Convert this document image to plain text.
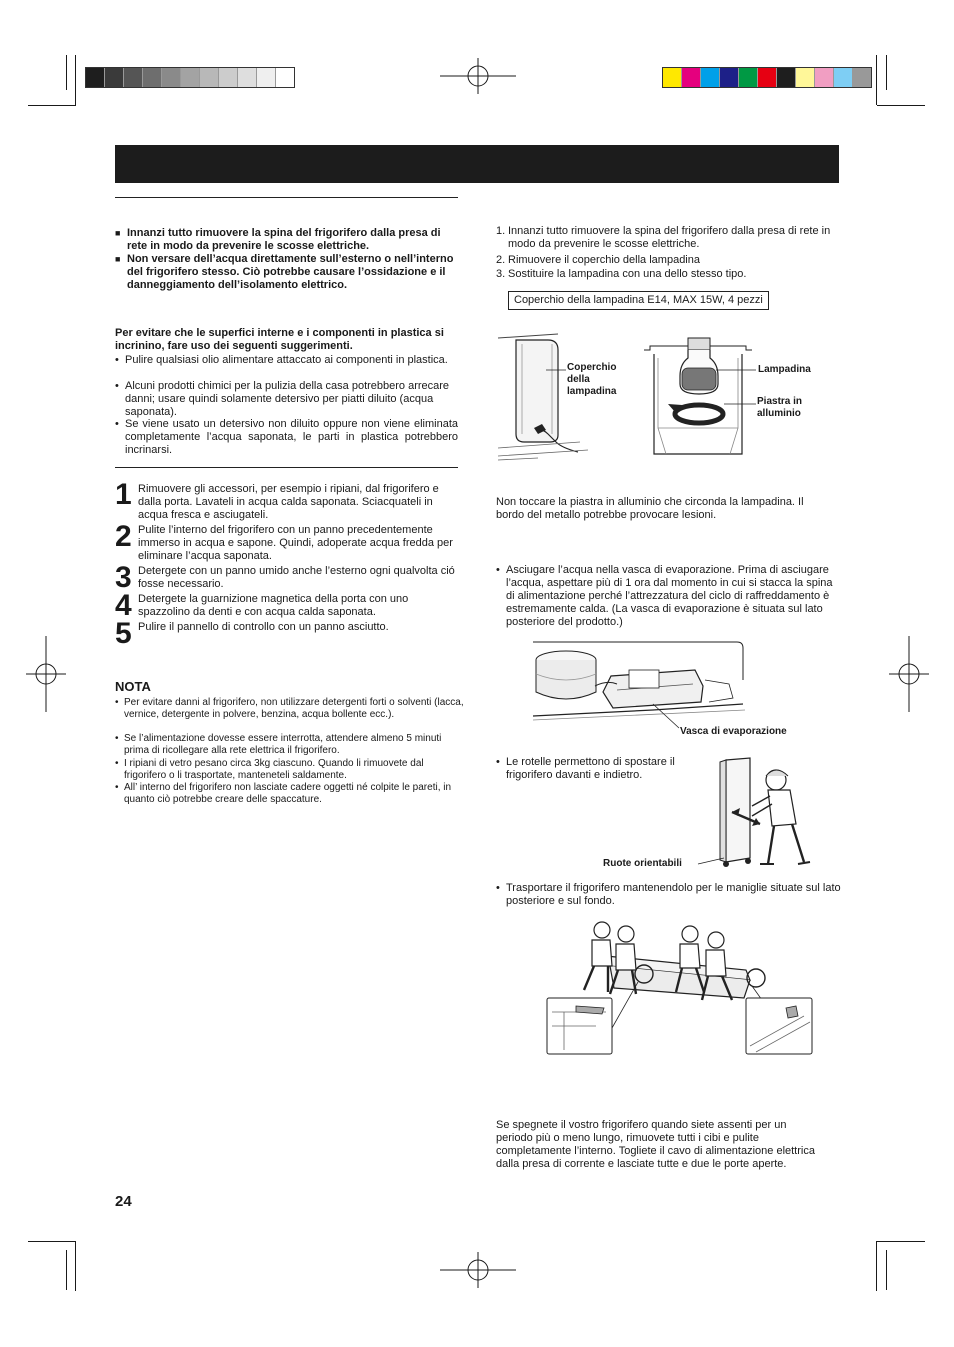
■ Innanzi tutto rimuovere la spina del frigorifero dalla presa di rete in modo da prevenire le scosse elettriche.
■ Non versare dell’acqua direttamente sull’esterno o nell’interno del frigorifero stesso. Ciò potrebbe causare l’ossidazione e il danneggiamento dell’isolamento elettrico.
Per evitare che le superfici interne e i componenti in plastica si incrinino, fare uso dei seguenti suggerimenti.
• Pulire qualsiasi olio alimentare attaccato ai componenti in plastica.
• Alcuni prodotti chimici per la pulizia della casa potrebbero arrecare danni; usare quindi solamente detersivo per piatti diluito (acqua saponata).
• Se viene usato un detersivo non diluito oppure non viene eliminata completamente l’acqua saponata, le parti in plastica potrebbero incrinarsi.
1 Rimuovere gli accessori, per esempio i ripiani, dal frigorifero e dalla porta. Lavateli in acqua calda saponata. Sciacquateli in acqua fresca e asciugateli.
2 Pulite l’interno del frigorifero con un panno precedentemente immerso in acqua e sapone. Quindi, adoperate acqua fredda per eliminare l’acqua saponata.
3 Detergete con un panno umido anche l’esterno ogni qualvolta ció fosse necessario.
4 Detergete la guarnizione magnetica della porta con uno spazzolino da denti e con acqua calda saponata.
5 Pulire il pannello di controllo con un panno asciutto.
NOTA
• Per evitare danni al frigorifero, non utilizzare detergenti forti o solventi (lacca, vernice, detergente in polvere, benzina, acqua bollente ecc.).
• Se l’alimentazione dovesse essere interrotta, attendere almeno 5 minuti prima di ricollegare alla rete elettrica il frigorifero.
• I ripiani di vetro pesano circa 3kg ciascuno. Quando li rimuovete dal frigorifero o li trasportate, manteneteli saldamente.
• All’ interno del frigorifero non lasciate cadere oggetti né colpite le pareti, in quanto ciò potrebbe creare delle spaccature.
24
1. Innanzi tutto rimuovere la spina del frigorifero dalla presa di rete in modo da prevenire le scosse elettriche.
2. Rimuovere il coperchio della lampadina
3. Sostituire la lampadina con una dello stesso tipo.
Coperchio della lampadina E14, MAX 15W, 4 pezzi
Coperchio della lampadina
Lampadina
Piastra in alluminio
Non toccare la piastra in alluminio che circonda la lampadina. Il bordo del metallo potrebbe provocare lesioni.
• Asciugare l’acqua nella vasca di evaporazione. Prima di asciugare l’acqua, aspettare più di 1 ora dal momento in cui si stacca la spina di alimentazione perché l’attrezzatura del ciclo di raffreddamento è estremamente calda. (La vasca di evaporazione è situata sul lato posteriore del prodotto.)
Vasca di evaporazione
• Le rotelle permettono di spostare il frigorifero davanti e indietro.
Ruote orientabili
• Trasportare il frigorifero mantenendolo per le maniglie situate sul lato posteriore e sul fondo.
Se spegnete il vostro frigorifero quando siete assenti per un periodo più o meno lungo, rimuovete tutti i cibi e pulite completamente l’interno. Togliete il cavo di alimentazione elettrica dalla presa di corrente e lasciate tutte e due le porte aperte.
